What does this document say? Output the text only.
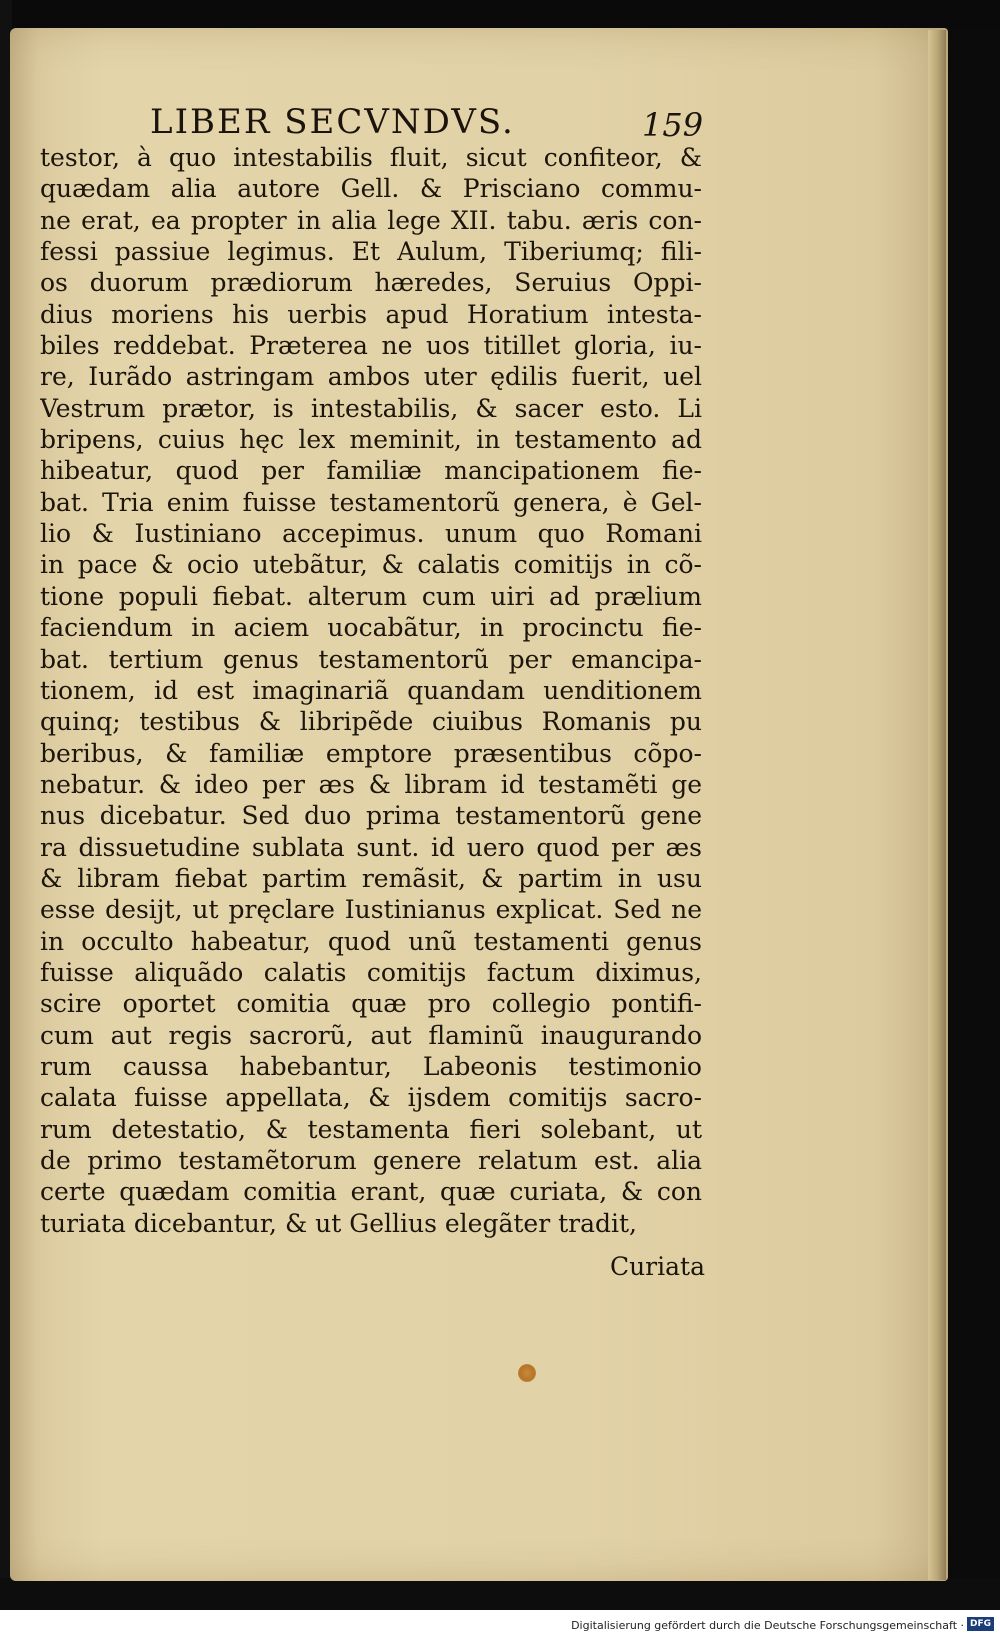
LIBER SECVNDVS.	159
testor, à quo intestabilis fluit, sicut confiteor, &
quædam alia autore Gell. & Prisciano commu-
ne erat, ea propter in alia lege XII. tabu. æris con-
fessi passiue legimus. Et Aulum, Tiberiumq; fili-
os duorum prædiorum hæredes, Seruius Oppi-
dius moriens his uerbis apud Horatium intesta-
biles reddebat. Præterea ne uos titillet gloria, iu-
re, Iurãdo astringam ambos uter ędilis fuerit, uel
Vestrum prætor, is intestabilis, & sacer esto. Li
bripens, cuius hęc lex meminit, in testamento ad
hibeatur, quod per familiæ mancipationem fie-
bat. Tria enim fuisse testamentorũ genera, è Gel-
lio & Iustiniano accepimus. unum quo Romani
in pace & ocio utebãtur, & calatis comitijs in cõ-
tione populi fiebat. alterum cum uiri ad prælium
faciendum in aciem uocabãtur, in procinctu fie-
bat. tertium genus testamentorũ per emancipa-
tionem, id est imaginariã quandam uenditionem
quinq; testibus & libripẽde ciuibus Romanis pu
beribus, & familiæ emptore præsentibus cõpo-
nebatur. & ideo per æs & libram id testamẽti ge
nus dicebatur. Sed duo prima testamentorũ gene
ra dissuetudine sublata sunt. id uero quod per æs
& libram fiebat partim remãsit, & partim in usu
esse desijt, ut pręclare Iustinianus explicat. Sed ne
in occulto habeatur, quod unũ testamenti genus
fuisse aliquãdo calatis comitijs factum diximus,
scire oportet comitia quæ pro collegio pontifi-
cum aut regis sacrorũ, aut flaminũ inaugurando
rum caussa habebantur, Labeonis testimonio
calata fuisse appellata, & ijsdem comitijs sacro-
rum detestatio, & testamenta fieri solebant, ut
de primo testamẽtorum genere relatum est. alia
certe quædam comitia erant, quæ curiata, & con
turiata dicebantur, & ut Gellius elegãter tradit,
Curiata
Digitalisierung gefördert durch die Deutsche Forschungsgemeinschaft · DFG
